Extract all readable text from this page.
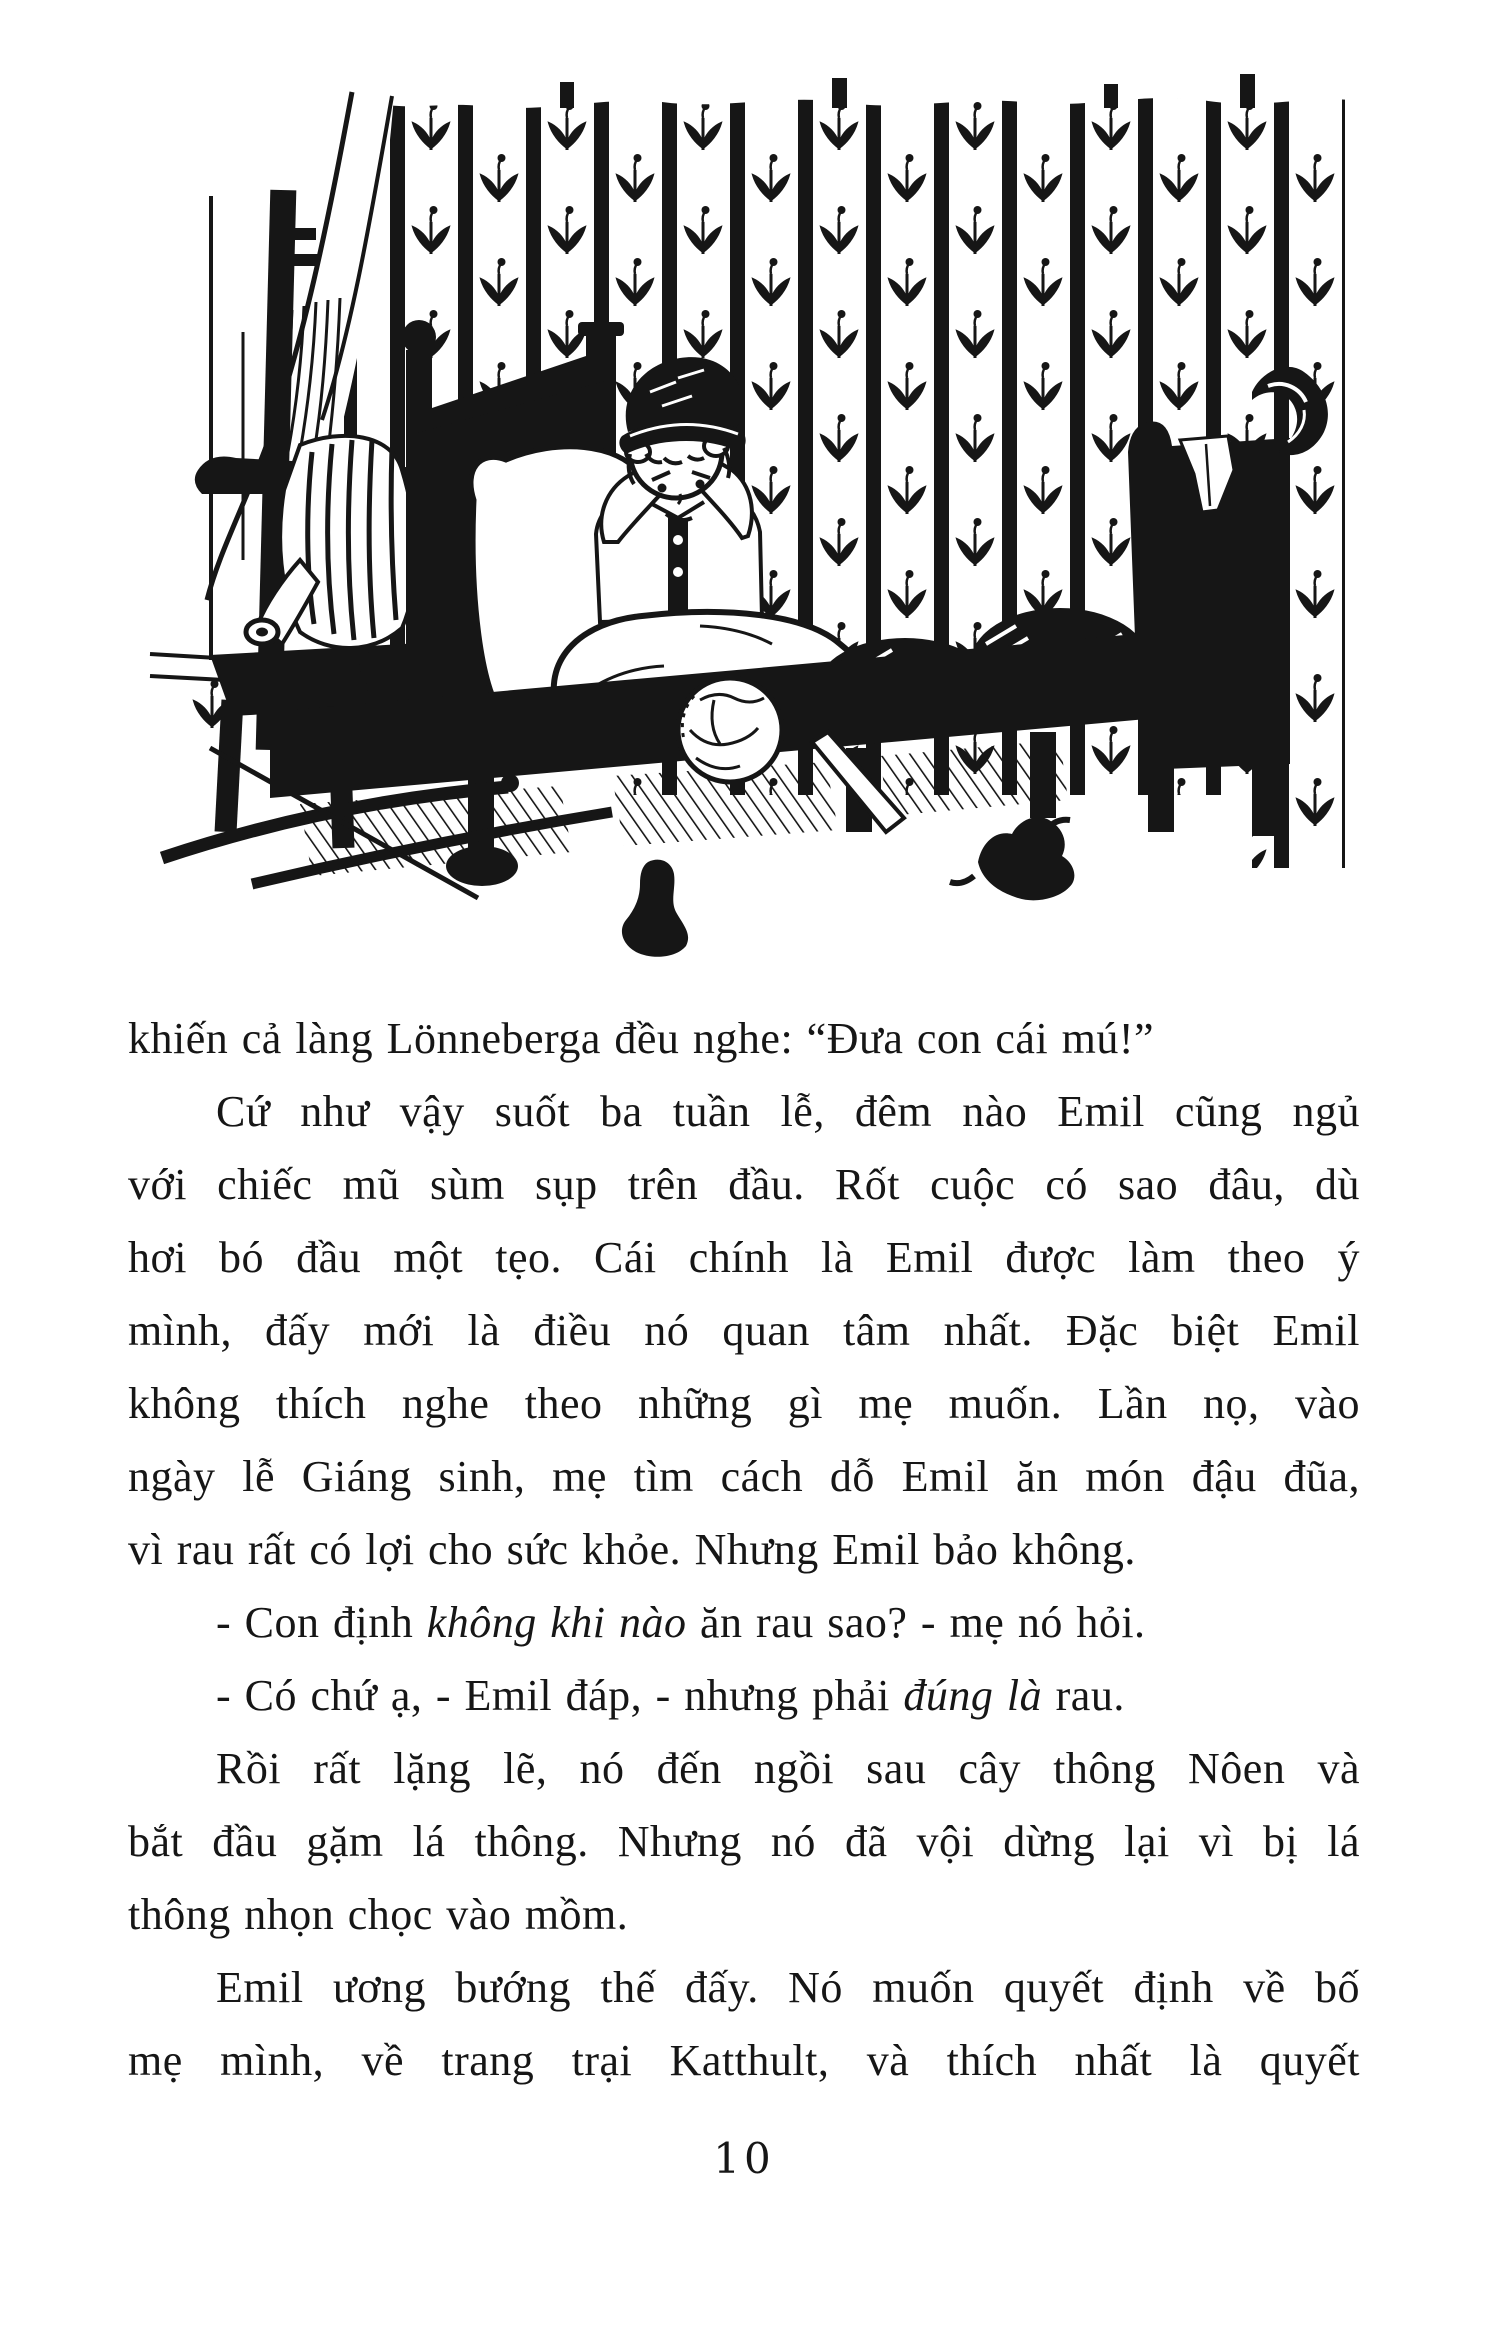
khiến cả làng Lönneberga đều nghe: “Đưa con cái mú!”
Cứ như vậy suốt ba tuần lễ, đêm nào Emil cũng ngủ
với chiếc mũ sùm sụp trên đầu. Rốt cuộc có sao đâu, dù
hơi bó đầu một tẹo. Cái chính là Emil được làm theo ý
mình, đấy mới là điều nó quan tâm nhất. Đặc biệt Emil
không thích nghe theo những gì mẹ muốn. Lần nọ, vào
ngày lễ Giáng sinh, mẹ tìm cách dỗ Emil ăn món đậu đũa,
vì rau rất có lợi cho sức khỏe. Nhưng Emil bảo không.
- Con định không khi nào ăn rau sao? - mẹ nó hỏi.
- Có chứ ạ, - Emil đáp, - nhưng phải đúng là rau.
Rồi rất lặng lẽ, nó đến ngồi sau cây thông Nôen và
bắt đầu gặm lá thông. Nhưng nó đã vội dừng lại vì bị lá
thông nhọn chọc vào mồm.
Emil ương bướng thế đấy. Nó muốn quyết định về bố
mẹ mình, về trang trại Katthult, và thích nhất là quyết
10
